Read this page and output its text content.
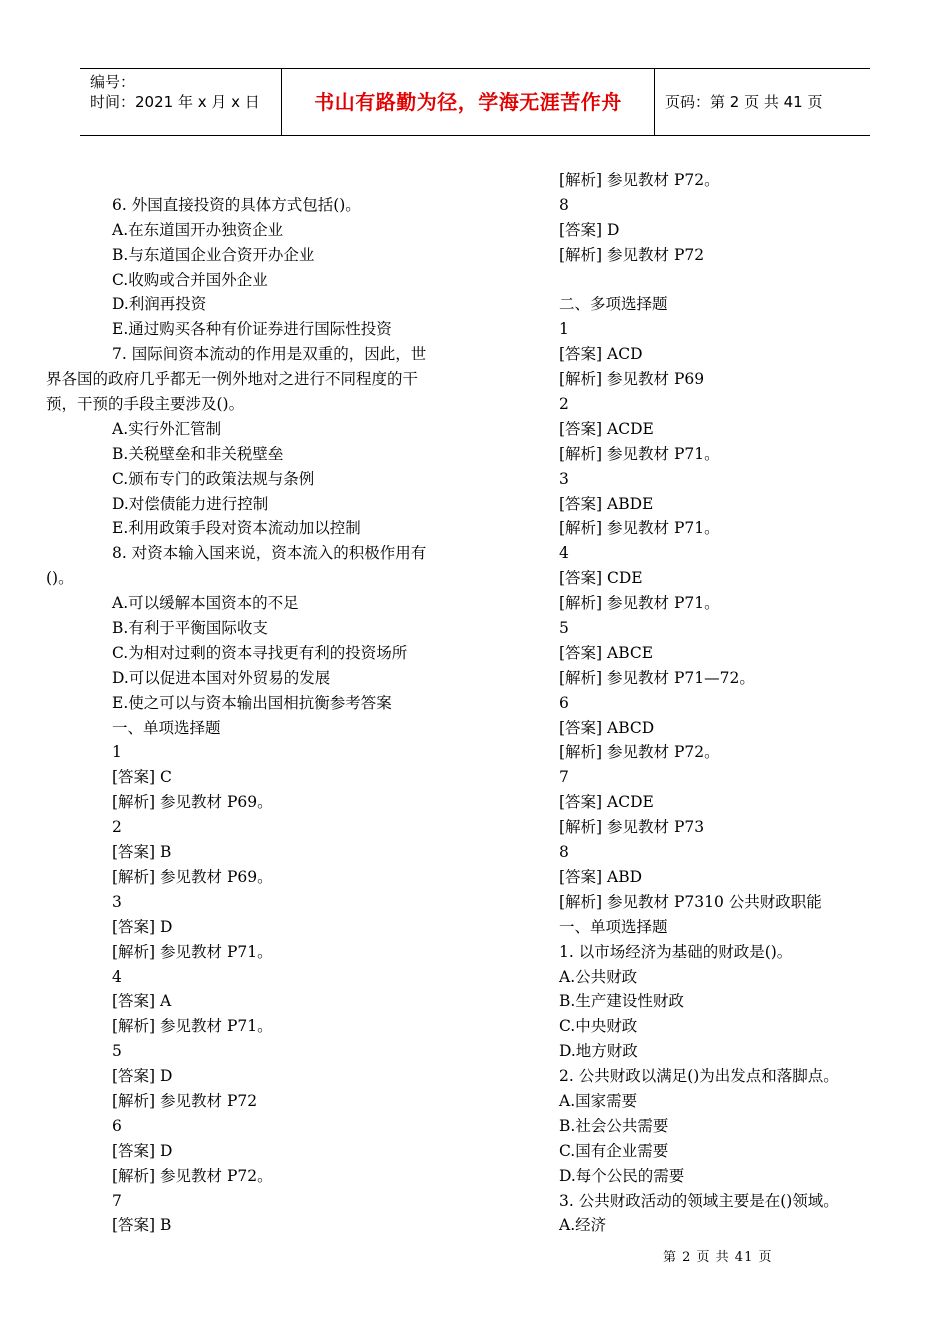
编号：
时间：2021 年 x 月 x 日	书山有路勤为径，学海无涯苦作舟	页码：第 2 页 共 41 页
6. 外国直接投资的具体方式包括()。
A.在东道国开办独资企业
B.与东道国企业合资开办企业
C.收购或合并国外企业
D.利润再投资
E.通过购买各种有价证券进行国际性投资
7. 国际间资本流动的作用是双重的，因此，世
界各国的政府几乎都无一例外地对之进行不同程度的干
预，干预的手段主要涉及()。
A.实行外汇管制
B.关税壁垒和非关税壁垒
C.颁布专门的政策法规与条例
D.对偿债能力进行控制
E.利用政策手段对资本流动加以控制
8. 对资本输入国来说，资本流入的积极作用有
()。
A.可以缓解本国资本的不足
B.有利于平衡国际收支
C.为相对过剩的资本寻找更有利的投资场所
D.可以促进本国对外贸易的发展
E.使之可以与资本输出国相抗衡参考答案
一、单项选择题
1
[答案] C
[解析] 参见教材 P69。
2
[答案] B
[解析] 参见教材 P69。
3
[答案] D
[解析] 参见教材 P71。
4
[答案] A
[解析] 参见教材 P71。
5
[答案] D
[解析] 参见教材 P72
6
[答案] D
[解析] 参见教材 P72。
7
[答案] B
[解析] 参见教材 P72。
8
[答案] D
[解析] 参见教材 P72
二、多项选择题
1
[答案] ACD
[解析] 参见教材 P69
2
[答案] ACDE
[解析] 参见教材 P71。
3
[答案] ABDE
[解析] 参见教材 P71。
4
[答案] CDE
[解析] 参见教材 P71。
5
[答案] ABCE
[解析] 参见教材 P71—72。
6
[答案] ABCD
[解析] 参见教材 P72。
7
[答案] ACDE
[解析] 参见教材 P73
8
[答案] ABD
[解析] 参见教材 P7310 公共财政职能
一、单项选择题
1. 以市场经济为基础的财政是()。
A.公共财政
B.生产建设性财政
C.中央财政
D.地方财政
2. 公共财政以满足()为出发点和落脚点。
A.国家需要
B.社会公共需要
C.国有企业需要
D.每个公民的需要
3. 公共财政活动的领域主要是在()领域。
A.经济
第 2 页 共 41 页
